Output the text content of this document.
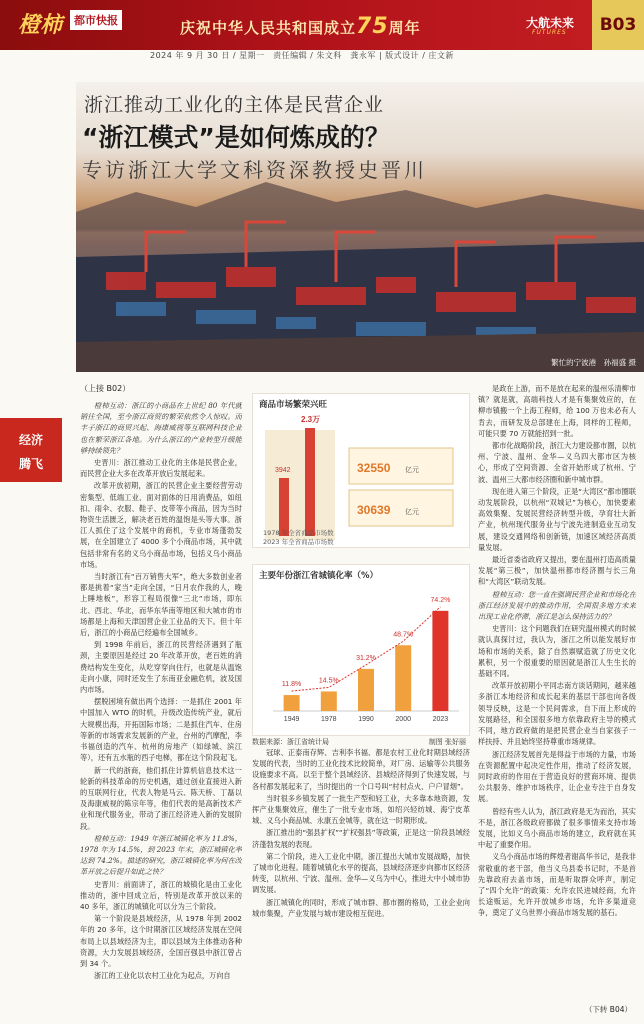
橙柿	都市快报	庆祝中华人民共和国成立75周年	大航未来
FUTURES	B03
2024 年 9 月 30 日 / 星期一　责任编辑 / 朱文科　龚永军 | 版式设计 / 庄文新
浙江推动工业化的主体是民营企业
“浙江模式”是如何炼成的？
专访浙江大学文科资深教授史晋川
繁忙的宁波港　孙福盛 摄
经济
腾飞
（上接 B02）

橙柿互动：浙江的小商品在上世纪 80 年代就销往全国，至今浙江商贸的繁荣依然令人惊叹。而丰子浙江的商贸兴起、海康威视等互联网科技企业也在繁荣浙江各地。为什么浙江的产业转型升级能够持续领先？

史晋川：浙江推动工业化的主体是民营企业，而民营企业大多在改革开放后发展起来。

改革开放初期，浙江的民营企业主要经营劳动密集型、低端工业、面对面体的日用消费品，如纽扣、雨伞、衣服、鞋子、皮带等小商品，因为当时物资生活匮乏，解决老百姓的温饱是头等大事。浙江人抓住了这个发展中的商机，专业市场蓬勃发展，在全国建立了 4000 多个小商品市场，其中就包括非常有名的义乌小商品市场，包括义乌小商品市场。

当时浙江有“百万销售大军”，绝大多数创业者都是挑着“家当”走向全国，“日月农作我的人，晚上睡地板”，形容工程局很像“三北”市场，即东北、西北、华北，而华东华南等地区和大城市的市场都是上海和天津国营企业工业品的天下。但十年后，浙江的小商品已经遍布全国城乡。

到 1998 年前后，浙江的民营经济遇到了瓶颈，主要原因是经过 20 年改革开放，老百姓的消费结构发生变化，从吃穿穿向住行，也就是从温饱走向小康，同时还发生了东南亚金融危机，波及国内市场。

摆脱困境有做出两个选择：一是抓住 2001 年中国加入 WTO 的时机，升级改造传统产业，就后大规模出海，开拓国际市场；二是抓住汽车、住房等新的市场需求发展新的产业，台州的汽摩配，李书福创造的汽车、杭州的房地产（如绿城、滨江等），还有五水瓶的西子电梯，都在这个阶段起飞。

新一代的浙商，他们抓住计算机信息技术这一轮新的科技革命的历史机遇，通过创业直接进入新的互联网行业，代表人物是马云、陈天桥、丁磊以及海康威视的陈宗年等，他们代表的是高新技术产业和现代服务业，带动了浙江经济进入新的发展阶段。

橙柿互动：1949 年浙江城镇化率为 11.8%，1978 年为 14.5%，到 2023 年末，浙江城镇化率达到 74.2%。描述的研究，浙江城镇化率为何在改革开放之后提升如此之快？

史晋川：前面讲了，浙江的城镇化是由工业化推动的，浙中回成立后，特别是改革开放以来的 40 多年，浙江的城镇化可以分为三个阶段。

第一个阶段是县域经济，从 1978 年到 2002 年的 20 多年，这个时期浙江区域经济发展在空间布局上以县域经济为主，即以县域为主体推动各种资源，大力发展县域经济，全国百强县中浙江曾占到 34 个。

浙江的工业化以农村工业化为起点，万向自

商品市场繁荣兴旺
3942
2.3万
32550 亿元
30639 亿元
1978 年全省商品市场数
2023 年全省商品市场数
主要年份浙江省城镇化率（%）
11.8%
1949
14.5%
1978
31.2%
1990
48.7%
2000
74.2%
2023
数据来源：浙江省统计局	制图 张好丽

冠球、正泰南存辉、吉利李书福、都是农村工业化时期县域经济发展的代表，当时的工业化技术比较简单，对厂房、运输等公共服务设施要求不高。以至于整个县域经济、县城经济得到了快速发展，与各村都发展起来了，当时提出的一个口号叫“村村点火、户户冒烟”。

当时很多乡镇发展了一批生产型和轻工业，大多靠本地资源，发挥产业集聚效应，催生了一批专业市场，如绍兴轻纺城、海宁皮革城、义乌小商品城、永康五金城等，就在这一时期形成。

浙江推出的“强县扩权”“扩权强县”等政策，正是这一阶段县域经济蓬勃发展的表现。

第二个阶段，进入工业化中期，浙江提出大城市发展战略，加快了城市化进程。随着城镇化水平的提高，县域经济逐步向都市区经济转变，以杭州、宁波、温州、金华—义乌为中心，推进大中小城市协调发展。

浙江城镇化的同时，形成了城市群、都市圈的格局，工业企业向城市集聚，产业发展与城市建设相互促进。

是政在上游，而不是放在起来的温州乐清柳市镇？就是就，高端科技人才是有集聚效应的，在柳市镇搬一个上海工程师，给 100 万也未必有人肯去，而研发及总部建在上海，同样的工程师，可能只要 70 万就能招到一批。

都市化战略阶段，浙江大力建设都市圈，以杭州、宁波、温州、金华—义乌四大都市区为核心，形成了空间资源、全省开始形成了杭州、宁波、温州三大都市经济圈和新中城市群。

现在进入第三个阶段，正是“大湾区”都市圈联动发展阶段，以杭州“双城记”为核心，加快要素高效集聚、发展民营经济转型升级，孕育壮大新产业，杭州现代服务业与宁波先进制造业互动发展，建设交通网络和创新链，加速区域经济高质量发展。

最近省委省政府又提出，要在温州打造高质量发展“第三极”，加快温州都市经济圈与长三角和“大湾区”联动发展。

橙柿互动：您一直在强调民营企业和市场化在浙江经济发展中的推动作用，全国很多地方未来出现工业化停滞，浙江是怎么保持活力的？

史晋川：这个问题我们在研究温州模式的时候就认真探讨过，我认为，浙江之所以能发展好市场和市场的关系，除了自然禀赋造就了历史文化累积，另一个很重要的原因就是浙江人生生长的基础不同。

改革开放初期小平同志南方谈话期间，越来越多浙江本地经济和成长起来的基层干部也向各级领导反映，这是一个民间需求，自下而上形成的发展路径，和全国很多地方依靠政府主导的模式不同，地方政府做的是把民营企业当自家孩子一样扶持、并且始终坚持尊重市场规律。

浙江经济发展首先是得益于市场的力量，市场在资源配置中起决定性作用，推动了经济发展，同时政府的作用在于营造良好的营商环境、提供公共服务、维护市场秩序，让企业专注于自身发展。

曾经有些人认为，浙江政府是无为而治，其实不是，浙江各级政府都做了很多事情来支持市场发展，比如义乌小商品市场的建立，政府就在其中起了重要作用。

义乌小商品市场的辉煌者谢高华书记，是我非常敬重的老干部，他当义乌县委书记时，不是首先靠政府去盖市场，而是听取群众呼声，制定了“四个允许”的政策：允许农民进城经商，允许长途贩运，允许开放城乡市场，允许多渠道竞争，奠定了义乌世界小商品市场发展的基石。

（下转 B04）
